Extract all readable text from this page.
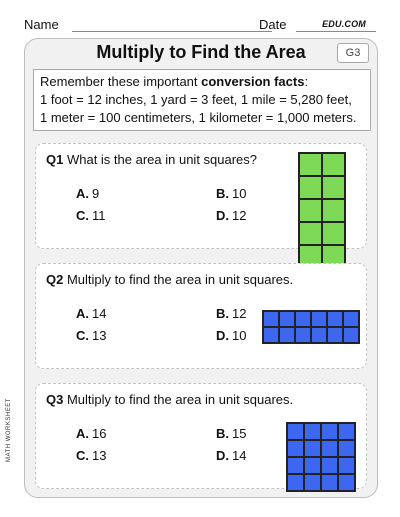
Name	Date	EDU.COM
Multiply to Find the Area	G3
Remember these important conversion facts:
1 foot = 12 inches, 1 yard = 3 feet, 1 mile = 5,280 feet,
1 meter = 100 centimeters, 1 kilometer = 1,000 meters.
Q1 What is the area in unit squares?
A. 9	B. 10
C. 11	D. 12
Q2 Multiply to find the area in unit squares.
A. 14	B. 12
C. 13	D. 10
Q3 Multiply to find the area in unit squares.
A. 16	B. 15
C. 13	D. 14
MATH WORKSHEET
